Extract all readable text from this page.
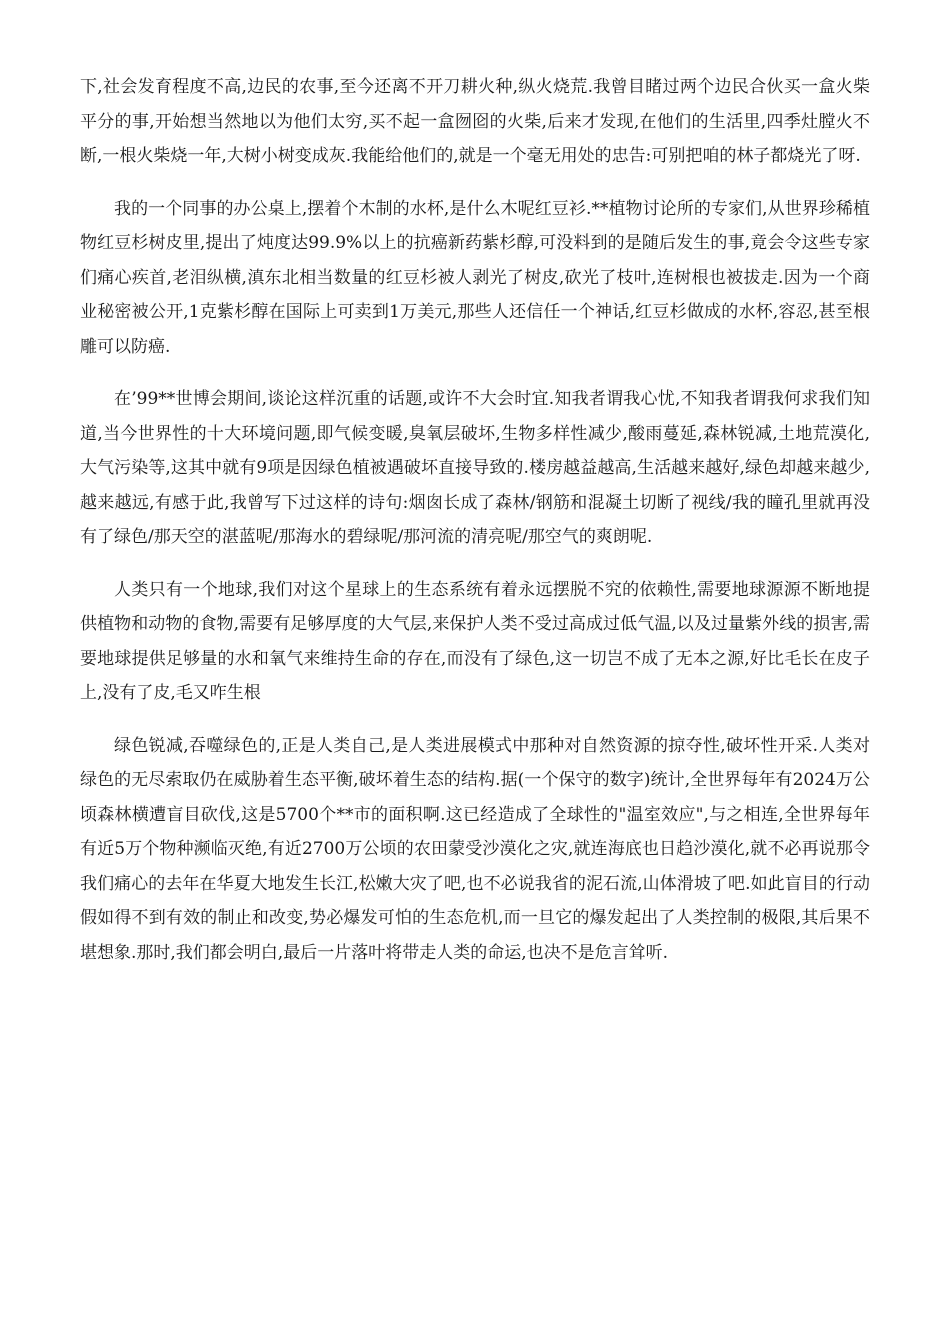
下,社会发育程度不高,边民的农事,至今还离不开刀耕火种,纵火烧荒.我曾目睹过两个边民合伙买一盒火柴平分的事,开始想当然地以为他们太穷,买不起一盒囫囵的火柴,后来才发现,在他们的生活里,四季灶膛火不断,一根火柴烧一年,大树小树变成灰.我能给他们的,就是一个毫无用处的忠告:可别把咱的林子都烧光了呀.

我的一个同事的办公桌上,摆着个木制的水杯,是什么木呢红豆衫.**植物讨论所的专家们,从世界珍稀植物红豆杉树皮里,提出了炖度达99.9%以上的抗癌新药紫杉醇,可没料到的是随后发生的事,竟会令这些专家们痛心疾首,老泪纵横,滇东北相当数量的红豆杉被人剥光了树皮,砍光了枝叶,连树根也被拔走.因为一个商业秘密被公开,1克紫杉醇在国际上可卖到1万美元,那些人还信任一个神话,红豆杉做成的水杯,容忍,甚至根雕可以防癌.

在’99**世博会期间,谈论这样沉重的话题,或许不大会时宜.知我者谓我心忧,不知我者谓我何求我们知道,当今世界性的十大环境问题,即气候变暖,臭氧层破坏,生物多样性减少,酸雨蔓延,森林锐减,土地荒漠化,大气污染等,这其中就有9项是因绿色植被遇破坏直接导致的.楼房越益越高,生活越来越好,绿色却越来越少,越来越远,有感于此,我曾写下过这样的诗句:烟囱长成了森林/钢筋和混凝土切断了视线/我的瞳孔里就再没有了绿色/那天空的湛蓝呢/那海水的碧绿呢/那河流的清亮呢/那空气的爽朗呢.

人类只有一个地球,我们对这个星球上的生态系统有着永远摆脱不究的依赖性,需要地球源源不断地提供植物和动物的食物,需要有足够厚度的大气层,来保护人类不受过高成过低气温,以及过量紫外线的损害,需要地球提供足够量的水和氧气来维持生命的存在,而没有了绿色,这一切岂不成了无本之源,好比毛长在皮子上,没有了皮,毛又咋生根

绿色锐减,吞噬绿色的,正是人类自己,是人类进展模式中那种对自然资源的掠夺性,破坏性开采.人类对绿色的无尽索取仍在威胁着生态平衡,破坏着生态的结构.据(一个保守的数字)统计,全世界每年有2024万公顷森林横遭盲目砍伐,这是5700个**市的面积啊.这已经造成了全球性的"温室效应",与之相连,全世界每年有近5万个物种濒临灭绝,有近2700万公顷的农田蒙受沙漠化之灾,就连海底也日趋沙漠化,就不必再说那令我们痛心的去年在华夏大地发生长江,松嫩大灾了吧,也不必说我省的泥石流,山体滑坡了吧.如此盲目的行动假如得不到有效的制止和改变,势必爆发可怕的生态危机,而一旦它的爆发起出了人类控制的极限,其后果不堪想象.那时,我们都会明白,最后一片落叶将带走人类的命运,也决不是危言耸听.
